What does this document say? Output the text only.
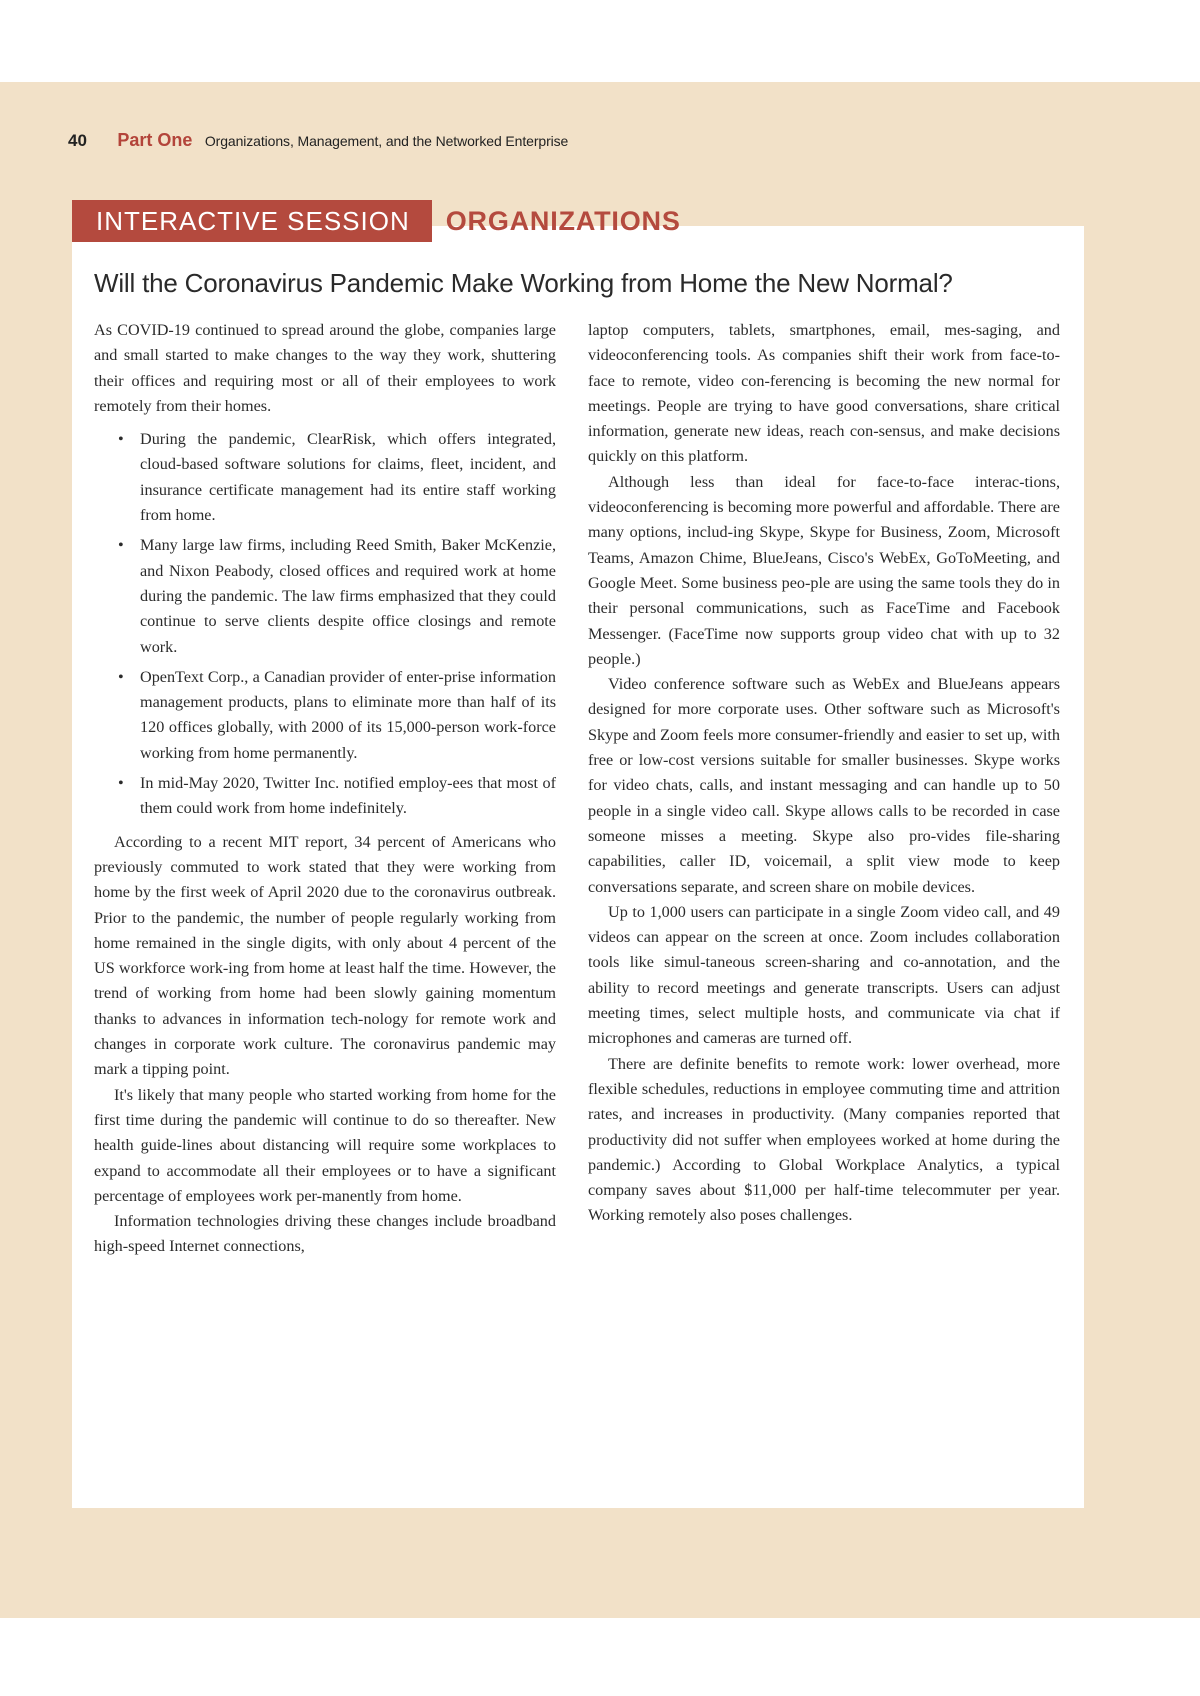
40 Part One Organizations, Management, and the Networked Enterprise
INTERACTIVE SESSION	ORGANIZATIONS
Will the Coronavirus Pandemic Make Working from Home the New Normal?

As COVID-19 continued to spread around the globe, companies large and small started to make changes to the way they work, shuttering their offices and requiring most or all of their employees to work remotely from their homes.

• During the pandemic, ClearRisk, which offers integrated, cloud-based software solutions for claims, fleet, incident, and insurance certificate management had its entire staff working from home.
• Many large law firms, including Reed Smith, Baker McKenzie, and Nixon Peabody, closed offices and required work at home during the pandemic. The law firms emphasized that they could continue to serve clients despite office closings and remote work.
• OpenText Corp., a Canadian provider of enter-prise information management products, plans to eliminate more than half of its 120 offices globally, with 2000 of its 15,000-person work-force working from home permanently.
• In mid-May 2020, Twitter Inc. notified employ-ees that most of them could work from home indefinitely.

According to a recent MIT report, 34 percent of Americans who previously commuted to work stated that they were working from home by the first week of April 2020 due to the coronavirus outbreak. Prior to the pandemic, the number of people regularly working from home remained in the single digits, with only about 4 percent of the US workforce work-ing from home at least half the time. However, the trend of working from home had been slowly gaining momentum thanks to advances in information tech-nology for remote work and changes in corporate work culture. The coronavirus pandemic may mark a tipping point.

It's likely that many people who started working from home for the first time during the pandemic will continue to do so thereafter. New health guide-lines about distancing will require some workplaces to expand to accommodate all their employees or to have a significant percentage of employees work per-manently from home.

Information technologies driving these changes include broadband high-speed Internet connections,

laptop computers, tablets, smartphones, email, mes-saging, and videoconferencing tools. As companies shift their work from face-to-face to remote, video con-ferencing is becoming the new normal for meetings. People are trying to have good conversations, share critical information, generate new ideas, reach con-sensus, and make decisions quickly on this platform.

Although less than ideal for face-to-face interac-tions, videoconferencing is becoming more powerful and affordable. There are many options, includ-ing Skype, Skype for Business, Zoom, Microsoft Teams, Amazon Chime, BlueJeans, Cisco's WebEx, GoToMeeting, and Google Meet. Some business peo-ple are using the same tools they do in their personal communications, such as FaceTime and Facebook Messenger. (FaceTime now supports group video chat with up to 32 people.)

Video conference software such as WebEx and BlueJeans appears designed for more corporate uses. Other software such as Microsoft's Skype and Zoom feels more consumer-friendly and easier to set up, with free or low-cost versions suitable for smaller businesses. Skype works for video chats, calls, and instant messaging and can handle up to 50 people in a single video call. Skype allows calls to be recorded in case someone misses a meeting. Skype also pro-vides file-sharing capabilities, caller ID, voicemail, a split view mode to keep conversations separate, and screen share on mobile devices.

Up to 1,000 users can participate in a single Zoom video call, and 49 videos can appear on the screen at once. Zoom includes collaboration tools like simul-taneous screen-sharing and co-annotation, and the ability to record meetings and generate transcripts. Users can adjust meeting times, select multiple hosts, and communicate via chat if microphones and cameras are turned off.

There are definite benefits to remote work: lower overhead, more flexible schedules, reductions in employee commuting time and attrition rates, and increases in productivity. (Many companies reported that productivity did not suffer when employees worked at home during the pandemic.) According to Global Workplace Analytics, a typical company saves about $11,000 per half-time telecommuter per year. Working remotely also poses challenges.
